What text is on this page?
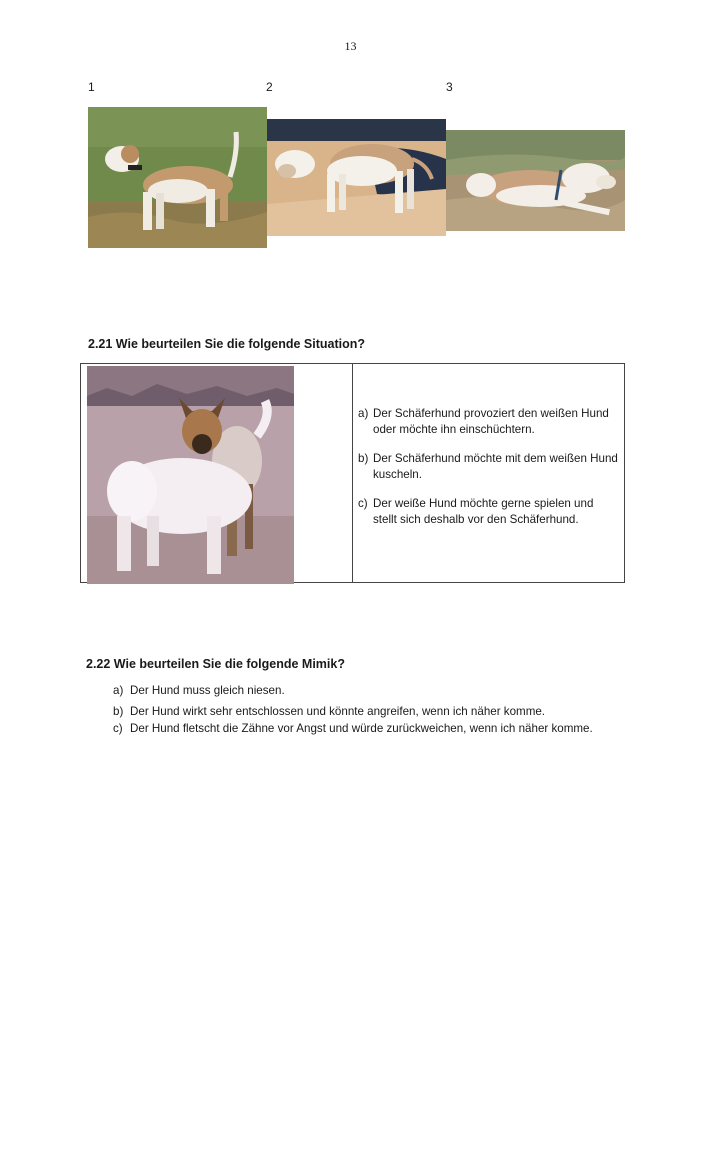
13
1	2	3
2.21 Wie beurteilen Sie die folgende Situation?
a) Der Schäferhund provoziert den weißen Hund oder möchte ihn einschüchtern.
b) Der Schäferhund möchte mit dem weißen Hund kuscheln.
c) Der weiße Hund möchte gerne spielen und stellt sich deshalb vor den Schäferhund.
2.22 Wie beurteilen Sie die folgende Mimik?
a) Der Hund muss gleich niesen.
b) Der Hund wirkt sehr entschlossen und könnte angreifen, wenn ich näher komme.
c) Der Hund fletscht die Zähne vor Angst und würde zurückweichen, wenn ich näher komme.
